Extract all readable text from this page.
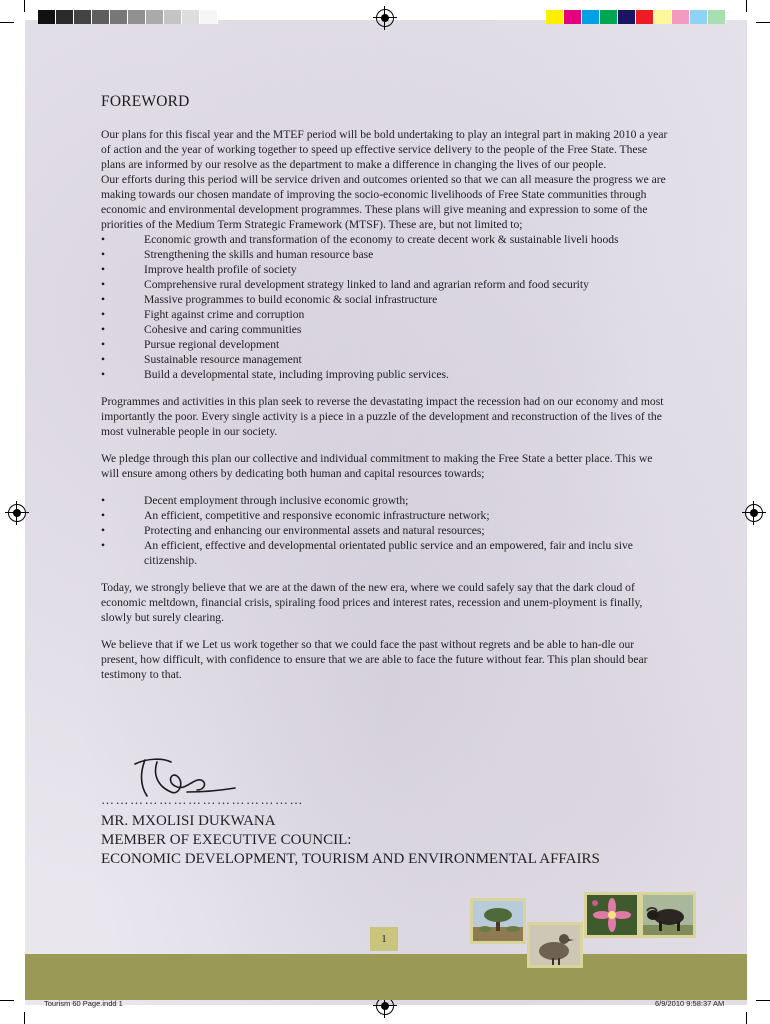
FOREWORD

Our plans for this fiscal year and the MTEF period will be bold undertaking to play an integral part in making 2010 a year of action and the year of working together to speed up effective service delivery to the people of the Free State. These plans are informed by our resolve as the department to make a difference in changing the lives of our people.

Our efforts during this period will be service driven and outcomes oriented so that we can all measure the progress we are making towards our chosen mandate of improving the socio-economic livelihoods of Free State communities through economic and environmental development programmes. These plans will give meaning and expression to some of the priorities of the Medium Term Strategic Framework (MTSF). These are, but not limited to;

•	Economic growth and transformation of the economy to create decent work & sustainable liveli hoods
•	Strengthening the skills and human resource base
•	Improve health profile of society
•	Comprehensive rural development strategy linked to land and agrarian reform and food security
•	Massive programmes to build economic & social infrastructure
•	Fight against crime and corruption
•	Cohesive and caring communities
•	Pursue regional development
•	Sustainable resource management
•	Build a developmental state, including improving public services.

Programmes and activities in this plan seek to reverse the devastating impact the recession had on our economy and most importantly the poor. Every single activity is a piece in a puzzle of the development and reconstruction of the lives of the most vulnerable people in our society.

We pledge through this plan our collective and individual commitment to making the Free State a better place. This we will ensure among others by dedicating both human and capital resources towards;

•	Decent employment through inclusive economic growth;
•	An efficient, competitive and responsive economic infrastructure network;
•	Protecting and enhancing our environmental assets and natural resources;
•	An efficient, effective and developmental orientated public service and an empowered, fair and inclu sive citizenship.

Today, we strongly believe that we are at the dawn of the new era, where we could safely say that the dark cloud of economic meltdown, financial crisis, spiraling food prices and interest rates, recession and unem-ployment is finally, slowly but surely clearing.

We believe that if we Let us work together so that we could face the past without regrets and be able to han-dle our present, how difficult, with confidence to ensure that we are able to face the future without fear. This plan should bear testimony to that.

……………………………………
MR. MXOLISI DUKWANA
MEMBER OF EXECUTIVE COUNCIL:
ECONOMIC DEVELOPMENT, TOURISM AND ENVIRONMENTAL AFFAIRS
1
Tourism 60 Page.indd 1	6/9/2010 9:58:37 AM
